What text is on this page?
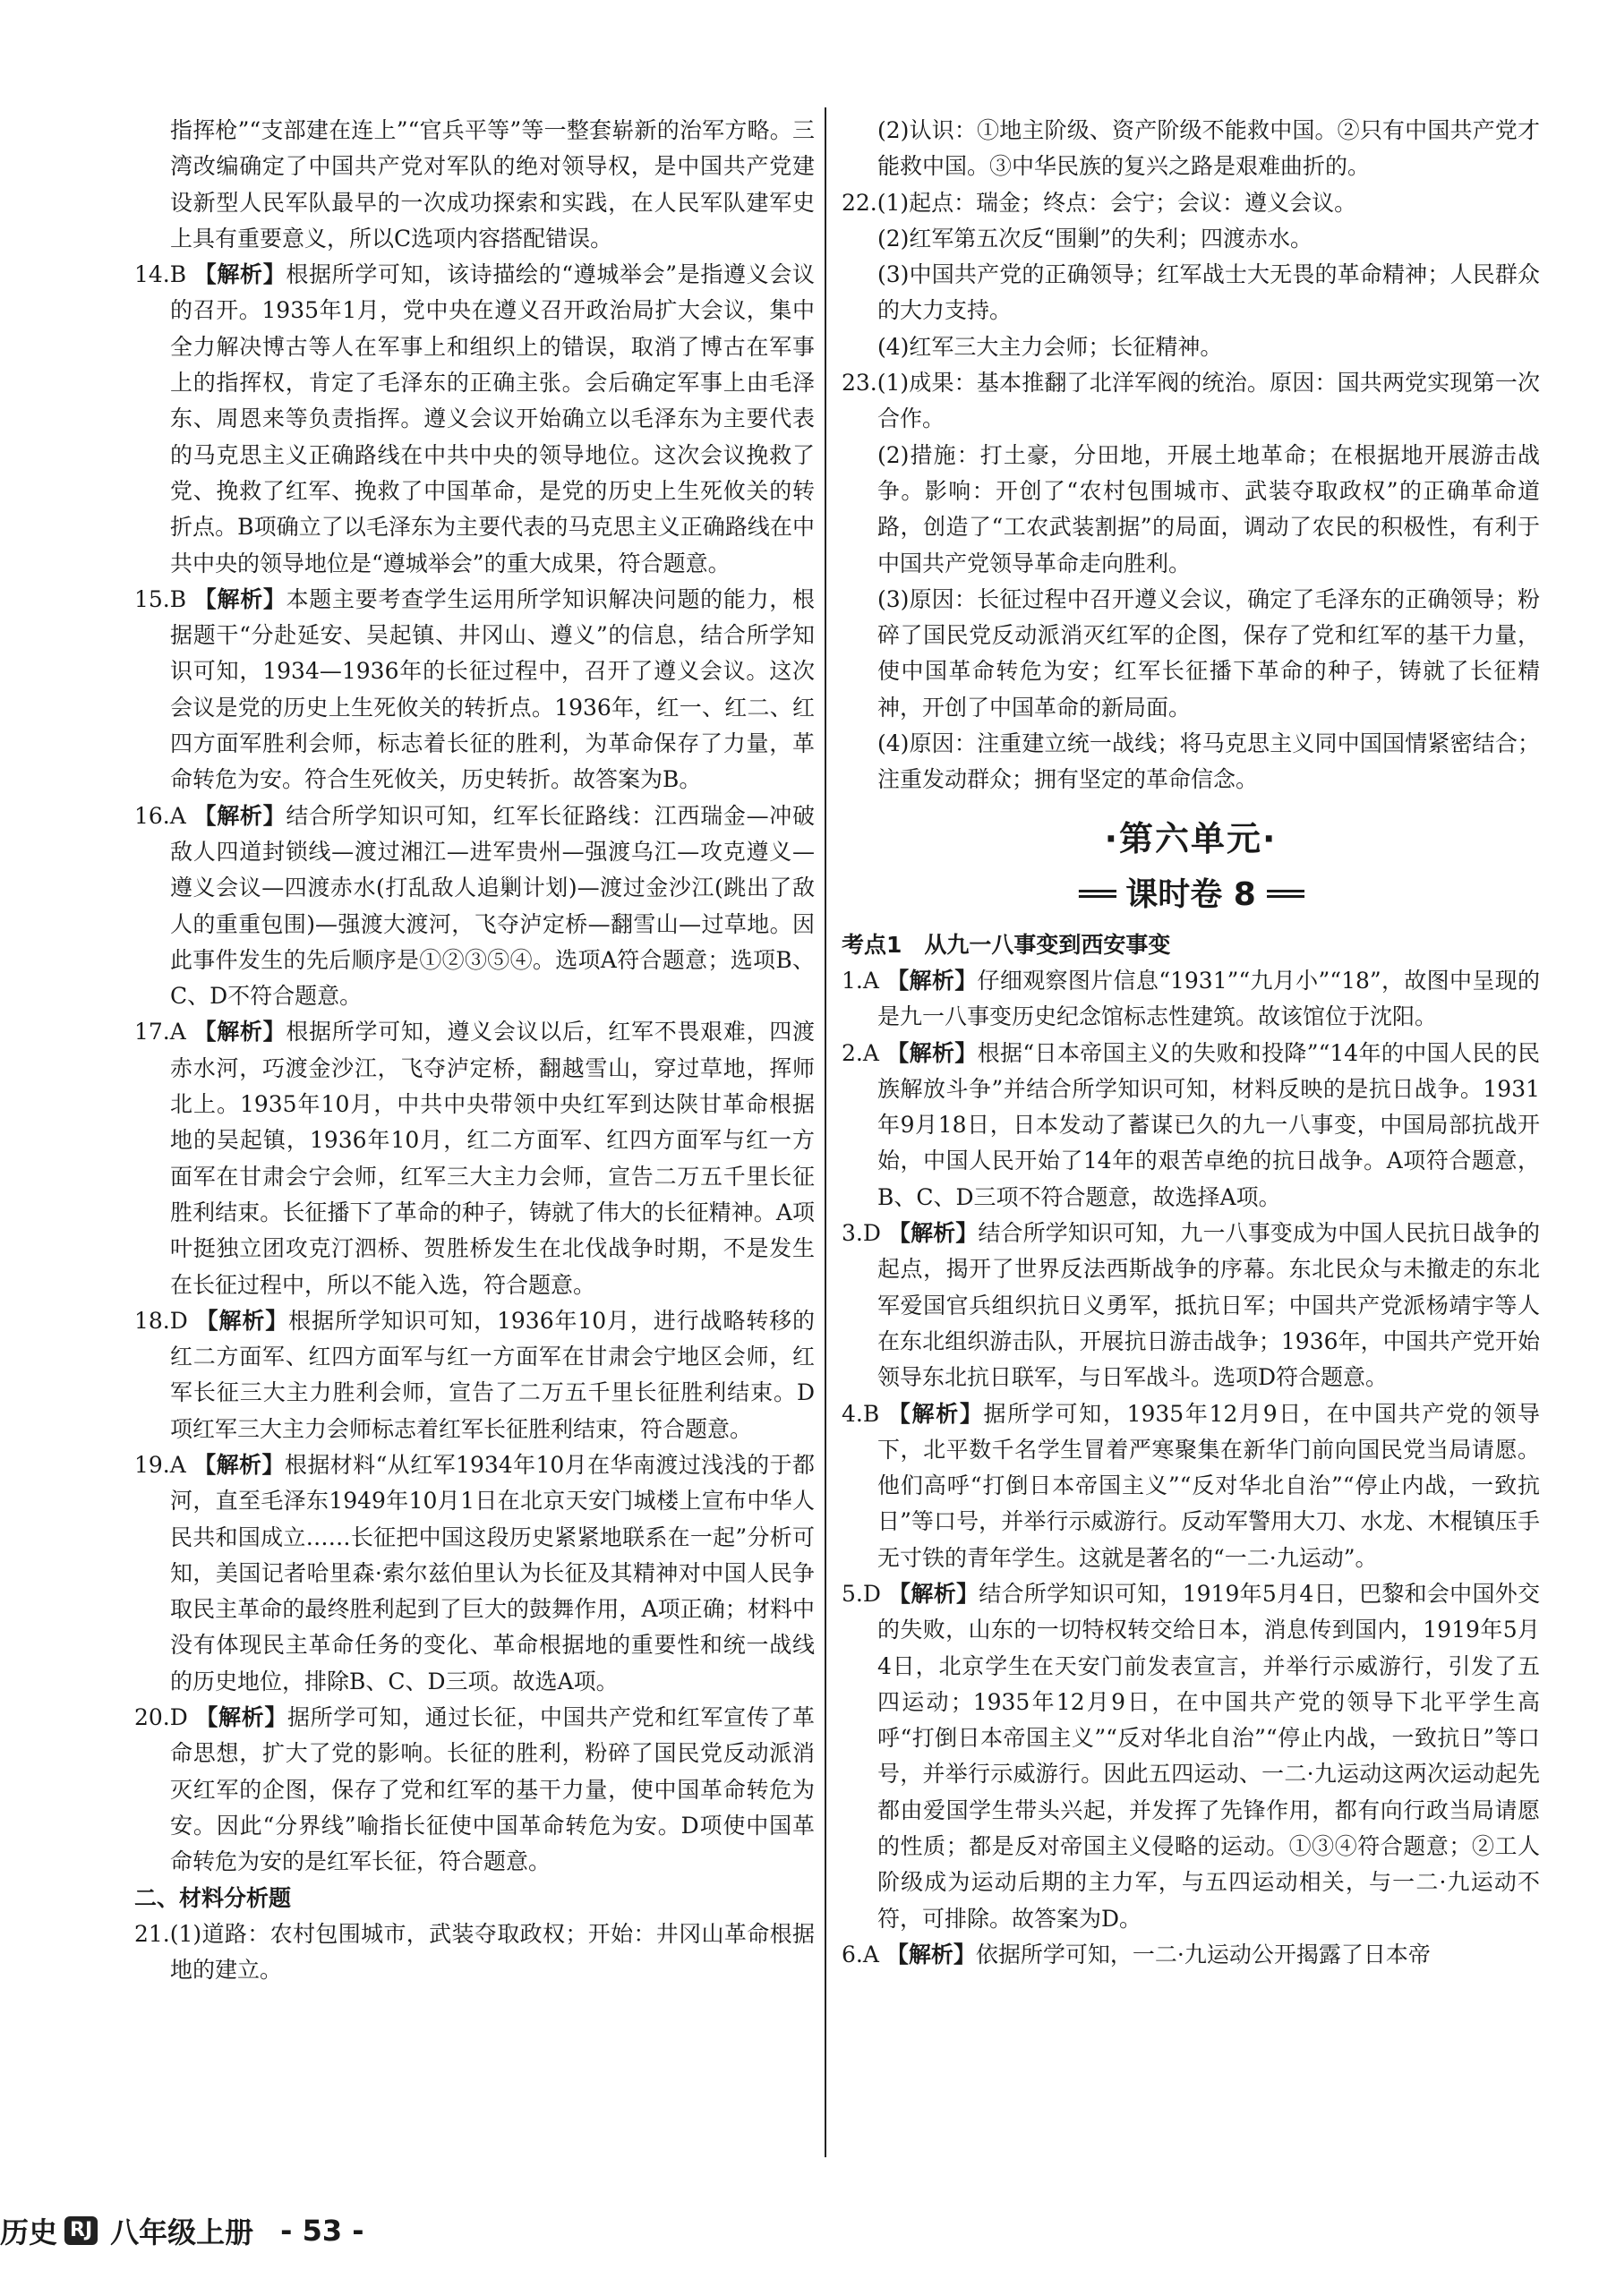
指挥枪”“支部建在连上”“官兵平等”等一整套崭新的治军方略。三湾改编确定了中国共产党对军队的绝对领导权，是中国共产党建设新型人民军队最早的一次成功探索和实践，在人民军队建军史上具有重要意义，所以C选项内容搭配错误。

14.B 【解析】根据所学可知，该诗描绘的“遵城举会”是指遵义会议的召开。1935年1月，党中央在遵义召开政治局扩大会议，集中全力解决博古等人在军事上和组织上的错误，取消了博古在军事上的指挥权，肯定了毛泽东的正确主张。会后确定军事上由毛泽东、周恩来等负责指挥。遵义会议开始确立以毛泽东为主要代表的马克思主义正确路线在中共中央的领导地位。这次会议挽救了党、挽救了红军、挽救了中国革命，是党的历史上生死攸关的转折点。B项确立了以毛泽东为主要代表的马克思主义正确路线在中共中央的领导地位是“遵城举会”的重大成果，符合题意。

15.B 【解析】本题主要考查学生运用所学知识解决问题的能力，根据题干“分赴延安、吴起镇、井冈山、遵义”的信息，结合所学知识可知，1934—1936年的长征过程中，召开了遵义会议。这次会议是党的历史上生死攸关的转折点。1936年，红一、红二、红四方面军胜利会师，标志着长征的胜利，为革命保存了力量，革命转危为安。符合生死攸关，历史转折。故答案为B。

16.A 【解析】结合所学知识可知，红军长征路线：江西瑞金—冲破敌人四道封锁线—渡过湘江—进军贵州—强渡乌江—攻克遵义—遵义会议—四渡赤水(打乱敌人追剿计划)—渡过金沙江(跳出了敌人的重重包围)—强渡大渡河，飞夺泸定桥—翻雪山—过草地。因此事件发生的先后顺序是①②③⑤④。选项A符合题意；选项B、C、D不符合题意。

17.A 【解析】根据所学可知，遵义会议以后，红军不畏艰难，四渡赤水河，巧渡金沙江，飞夺泸定桥，翻越雪山，穿过草地，挥师北上。1935年10月，中共中央带领中央红军到达陕甘革命根据地的吴起镇，1936年10月，红二方面军、红四方面军与红一方面军在甘肃会宁会师，红军三大主力会师，宣告二万五千里长征胜利结束。长征播下了革命的种子，铸就了伟大的长征精神。A项叶挺独立团攻克汀泗桥、贺胜桥发生在北伐战争时期，不是发生在长征过程中，所以不能入选，符合题意。

18.D 【解析】根据所学知识可知，1936年10月，进行战略转移的红二方面军、红四方面军与红一方面军在甘肃会宁地区会师，红军长征三大主力胜利会师，宣告了二万五千里长征胜利结束。D项红军三大主力会师标志着红军长征胜利结束，符合题意。

19.A 【解析】根据材料“从红军1934年10月在华南渡过浅浅的于都河，直至毛泽东1949年10月1日在北京天安门城楼上宣布中华人民共和国成立……长征把中国这段历史紧紧地联系在一起”分析可知，美国记者哈里森·索尔兹伯里认为长征及其精神对中国人民争取民主革命的最终胜利起到了巨大的鼓舞作用，A项正确；材料中没有体现民主革命任务的变化、革命根据地的重要性和统一战线的历史地位，排除B、C、D三项。故选A项。

20.D 【解析】据所学可知，通过长征，中国共产党和红军宣传了革命思想，扩大了党的影响。长征的胜利，粉碎了国民党反动派消灭红军的企图，保存了党和红军的基干力量，使中国革命转危为安。因此“分界线”喻指长征使中国革命转危为安。D项使中国革命转危为安的是红军长征，符合题意。

二、材料分析题

21.(1)道路：农村包围城市，武装夺取政权；开始：井冈山革命根据地的建立。

(2)认识：①地主阶级、资产阶级不能救中国。②只有中国共产党才能救中国。③中华民族的复兴之路是艰难曲折的。

22.(1)起点：瑞金；终点：会宁；会议：遵义会议。

(2)红军第五次反“围剿”的失利；四渡赤水。

(3)中国共产党的正确领导；红军战士大无畏的革命精神；人民群众的大力支持。

(4)红军三大主力会师；长征精神。

23.(1)成果：基本推翻了北洋军阀的统治。原因：国共两党实现第一次合作。

(2)措施：打土豪，分田地，开展土地革命；在根据地开展游击战争。影响：开创了“农村包围城市、武装夺取政权”的正确革命道路，创造了“工农武装割据”的局面，调动了农民的积极性，有利于中国共产党领导革命走向胜利。

(3)原因：长征过程中召开遵义会议，确定了毛泽东的正确领导；粉碎了国民党反动派消灭红军的企图，保存了党和红军的基干力量，使中国革命转危为安；红军长征播下革命的种子，铸就了长征精神，开创了中国革命的新局面。

(4)原因：注重建立统一战线；将马克思主义同中国国情紧密结合；注重发动群众；拥有坚定的革命信念。

·第六单元·
══ 课时卷 8 ══

考点1　从九一八事变到西安事变

1.A 【解析】仔细观察图片信息“1931”“九月小”“18”，故图中呈现的是九一八事变历史纪念馆标志性建筑。故该馆位于沈阳。

2.A 【解析】根据“日本帝国主义的失败和投降”“14年的中国人民的民族解放斗争”并结合所学知识可知，材料反映的是抗日战争。1931年9月18日，日本发动了蓄谋已久的九一八事变，中国局部抗战开始，中国人民开始了14年的艰苦卓绝的抗日战争。A项符合题意，B、C、D三项不符合题意，故选择A项。

3.D 【解析】结合所学知识可知，九一八事变成为中国人民抗日战争的起点，揭开了世界反法西斯战争的序幕。东北民众与未撤走的东北军爱国官兵组织抗日义勇军，抵抗日军；中国共产党派杨靖宇等人在东北组织游击队，开展抗日游击战争；1936年，中国共产党开始领导东北抗日联军，与日军战斗。选项D符合题意。

4.B 【解析】据所学可知，1935年12月9日，在中国共产党的领导下，北平数千名学生冒着严寒聚集在新华门前向国民党当局请愿。他们高呼“打倒日本帝国主义”“反对华北自治”“停止内战，一致抗日”等口号，并举行示威游行。反动军警用大刀、水龙、木棍镇压手无寸铁的青年学生。这就是著名的“一二·九运动”。

5.D 【解析】结合所学知识可知，1919年5月4日，巴黎和会中国外交的失败，山东的一切特权转交给日本，消息传到国内，1919年5月4日，北京学生在天安门前发表宣言，并举行示威游行，引发了五四运动；1935年12月9日，在中国共产党的领导下北平学生高呼“打倒日本帝国主义”“反对华北自治”“停止内战，一致抗日”等口号，并举行示威游行。因此五四运动、一二·九运动这两次运动起先都由爱国学生带头兴起，并发挥了先锋作用，都有向行政当局请愿的性质；都是反对帝国主义侵略的运动。①③④符合题意；②工人阶级成为运动后期的主力军，与五四运动相关，与一二·九运动不符，可排除。故答案为D。

6.A 【解析】依据所学可知，一二·九运动公开揭露了日本帝

历史 RJ 八年级上册 - 53 -
